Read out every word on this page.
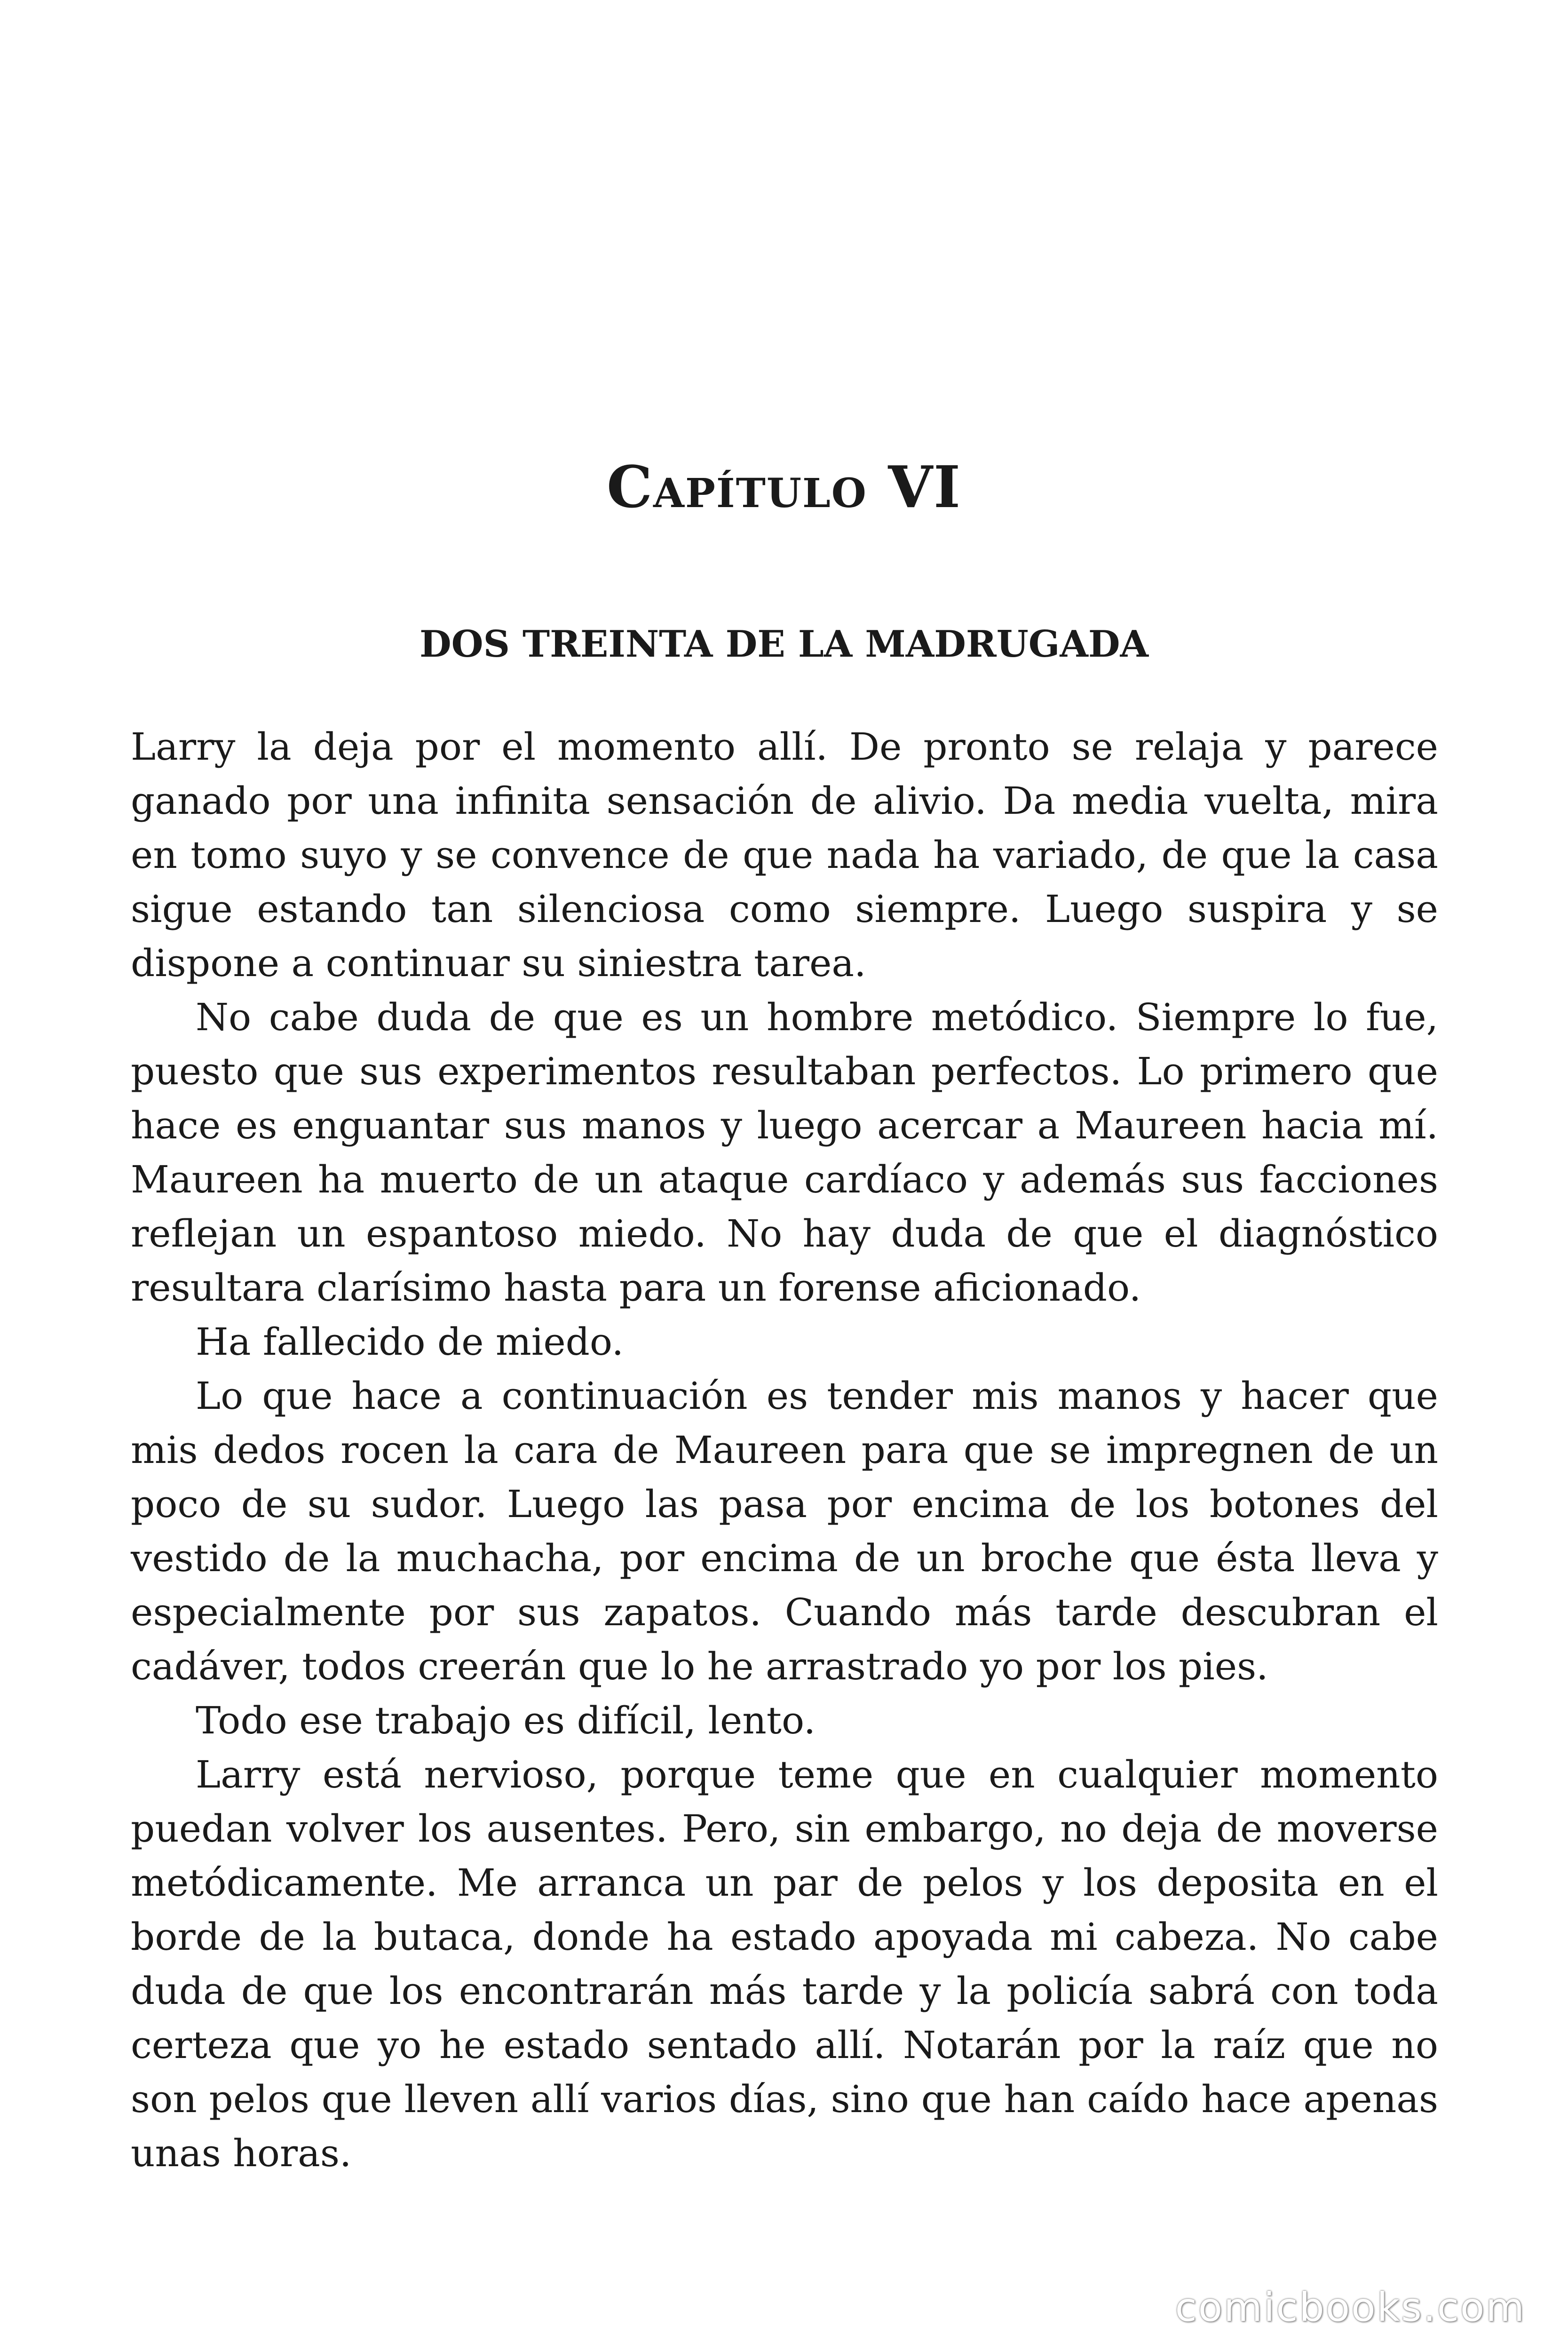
Capítulo VI
DOS TREINTA DE LA MADRUGADA

Larry la deja por el momento allí. De pronto se relaja y parece ganado por una infinita sensación de alivio. Da media vuelta, mira en tomo suyo y se convence de que nada ha variado, de que la casa sigue estando tan silenciosa como siempre. Luego suspira y se dispone a continuar su siniestra tarea.

No cabe duda de que es un hombre metódico. Siempre lo fue, puesto que sus experimentos resultaban perfectos. Lo primero que hace es enguantar sus manos y luego acercar a Maureen hacia mí. Maureen ha muerto de un ataque cardíaco y además sus facciones reflejan un espantoso miedo. No hay duda de que el diagnóstico resultara clarísimo hasta para un forense aficionado.

Ha fallecido de miedo.

Lo que hace a continuación es tender mis manos y hacer que mis dedos rocen la cara de Maureen para que se impregnen de un poco de su sudor. Luego las pasa por encima de los botones del vestido de la muchacha, por encima de un broche que ésta lleva y especialmente por sus zapatos. Cuando más tarde descubran el cadáver, todos creerán que lo he arrastrado yo por los pies.

Todo ese trabajo es difícil, lento.

Larry está nervioso, porque teme que en cualquier momento puedan volver los ausentes. Pero, sin embargo, no deja de moverse metódicamente. Me arranca un par de pelos y los deposita en el borde de la butaca, donde ha estado apoyada mi cabeza. No cabe duda de que los encontrarán más tarde y la policía sabrá con toda certeza que yo he estado sentado allí. Notarán por la raíz que no son pelos que lleven allí varios días, sino que han caído hace apenas unas horas.

comicbooks.com
